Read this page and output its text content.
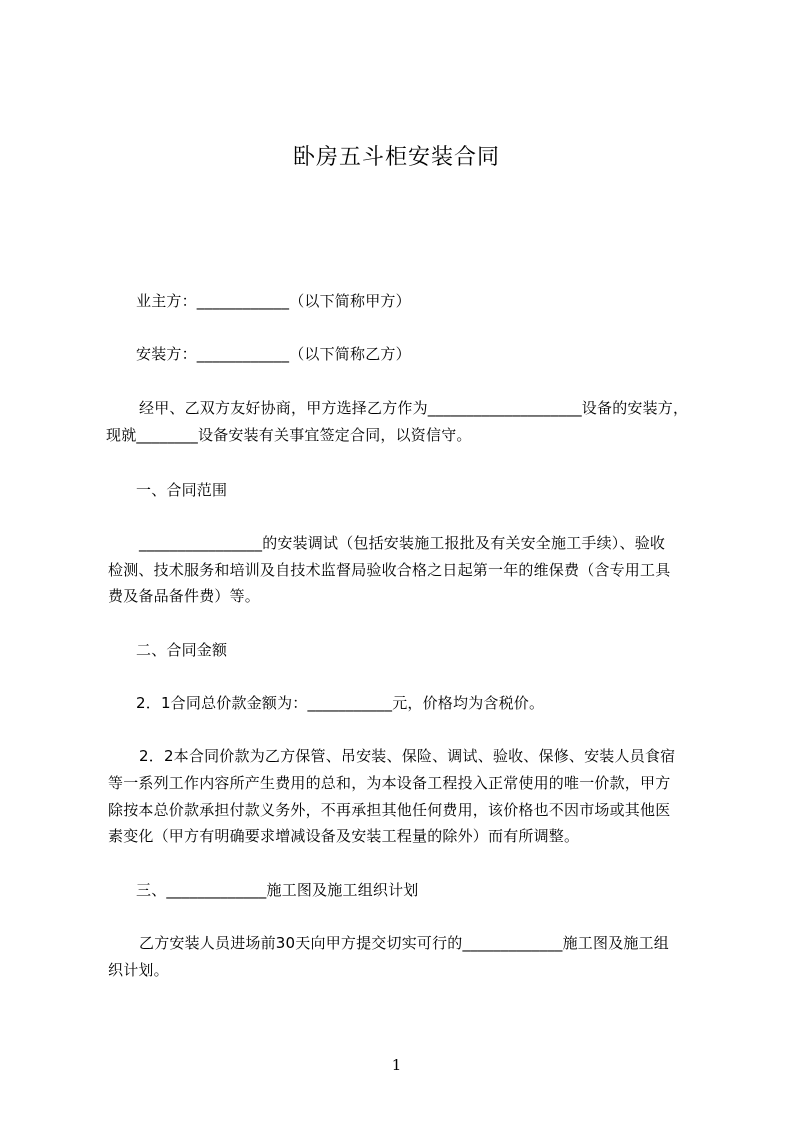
卧房五斗柜安装合同
业主方：____________（以下简称甲方）
安装方：____________（以下简称乙方）
经甲、乙双方友好协商，甲方选择乙方作为____________________设备的安装方，
现就________设备安装有关事宜签定合同，以资信守。
一、合同范围
________________的安装调试（包括安装施工报批及有关安全施工手续）、验收
检测、技术服务和培训及自技术监督局验收合格之日起第一年的维保费（含专用工具
费及备品备件费）等。
二、合同金额
2．1合同总价款金额为：___________元，价格均为含税价。
2．2本合同价款为乙方保管、吊安装、保险、调试、验收、保修、安装人员食宿
等一系列工作内容所产生费用的总和，为本设备工程投入正常使用的唯一价款，甲方
除按本总价款承担付款义务外，不再承担其他任何费用，该价格也不因市场或其他医
素变化（甲方有明确要求增减设备及安装工程量的除外）而有所调整。
三、_____________施工图及施工组织计划
乙方安装人员进场前30天向甲方提交切实可行的_____________施工图及施工组
织计划。
1
